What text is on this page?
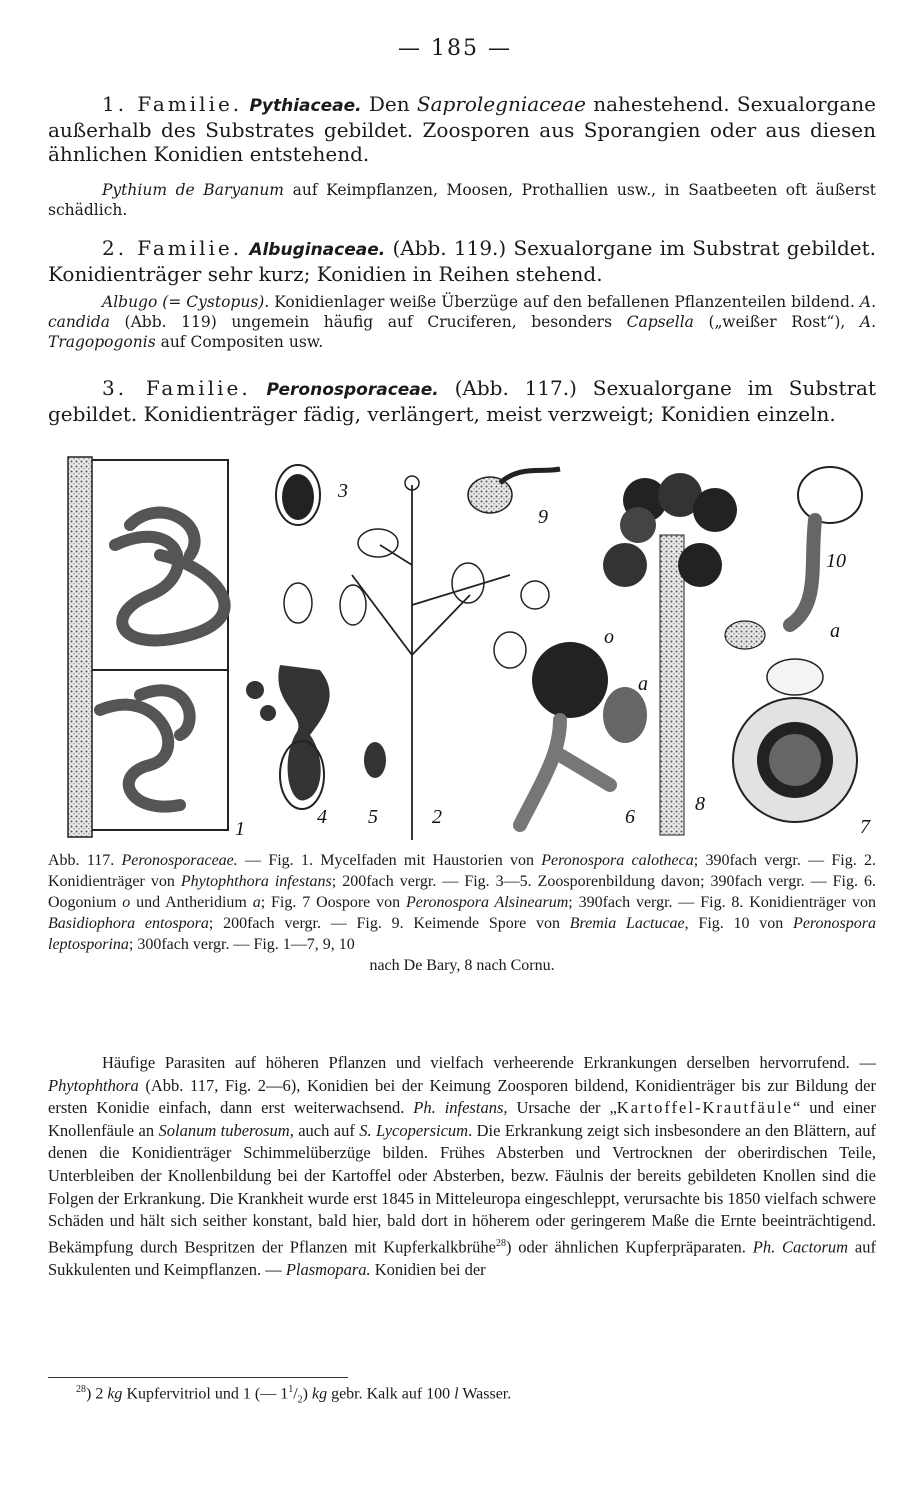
— 185 —
1. Familie. Pythiaceae. Den Saprolegniaceae nahestehend. Sexualorgane außerhalb des Substrates gebildet. Zoosporen aus Sporangien oder aus diesen ähnlichen Konidien entstehend.
Pythium de Baryanum auf Keimpflanzen, Moosen, Prothallien usw., in Saatbeeten oft äußerst schädlich.
2. Familie. Albuginaceae. (Abb. 119.) Sexualorgane im Substrat gebildet. Konidienträger sehr kurz; Konidien in Reihen stehend.
Albugo (= Cystopus). Konidienlager weiße Überzüge auf den befallenen Pflanzenteilen bildend. A. candida (Abb. 119) ungemein häufig auf Cruciferen, besonders Capsella („weißer Rost“), A. Tragopogonis auf Compositen usw.
3. Familie. Peronosporaceae. (Abb. 117.) Sexualorgane im Substrat gebildet. Konidienträger fädig, verlängert, meist verzweigt; Konidien einzeln.
1
2
3
4 5	6	7
8
9
10
o
a
a
Abb. 117. Peronosporaceae. — Fig. 1. Mycelfaden mit Haustorien von Peronospora calotheca; 390fach vergr. — Fig. 2. Konidienträger von Phytophthora infestans; 200fach vergr. — Fig. 3—5. Zoosporenbildung davon; 390fach vergr. — Fig. 6. Oogonium o und Antheridium a; Fig. 7 Oospore von Peronospora Alsinearum; 390fach vergr. — Fig. 8. Konidienträger von Basidiophora entospora; 200fach vergr. — Fig. 9. Keimende Spore von Bremia Lactucae, Fig. 10 von Peronospora leptosporina; 300fach vergr. — Fig. 1—7, 9, 10
nach De Bary, 8 nach Cornu.
Häufige Parasiten auf höheren Pflanzen und vielfach verheerende Erkrankungen derselben hervorrufend. — Phytophthora (Abb. 117, Fig. 2—6), Konidien bei der Keimung Zoosporen bildend, Konidienträger bis zur Bildung der ersten Konidie einfach, dann erst weiterwachsend. Ph. infestans, Ursache der „Kartoffel-Krautfäule“ und einer Knollenfäule an Solanum tuberosum, auch auf S. Lycopersicum. Die Erkrankung zeigt sich insbesondere an den Blättern, auf denen die Konidienträger Schimmelüberzüge bilden. Frühes Absterben und Vertrocknen der oberirdischen Teile, Unterbleiben der Knollenbildung bei der Kartoffel oder Absterben, bezw. Fäulnis der bereits gebildeten Knollen sind die Folgen der Erkrankung. Die Krankheit wurde erst 1845 in Mitteleuropa eingeschleppt, verursachte bis 1850 vielfach schwere Schäden und hält sich seither konstant, bald hier, bald dort in höherem oder geringerem Maße die Ernte beeinträchtigend. Bekämpfung durch Bespritzen der Pflanzen mit Kupferkalkbrühe$^{28}$) oder ähnlichen Kupferpräparaten. Ph. Cactorum auf Sukkulenten und Keimpflanzen. — Plasmopara. Konidien bei der
$^{28}$) 2 kg Kupfervitriol und 1 (— $1^1/_2$) kg gebr. Kalk auf 100 l Wasser.
